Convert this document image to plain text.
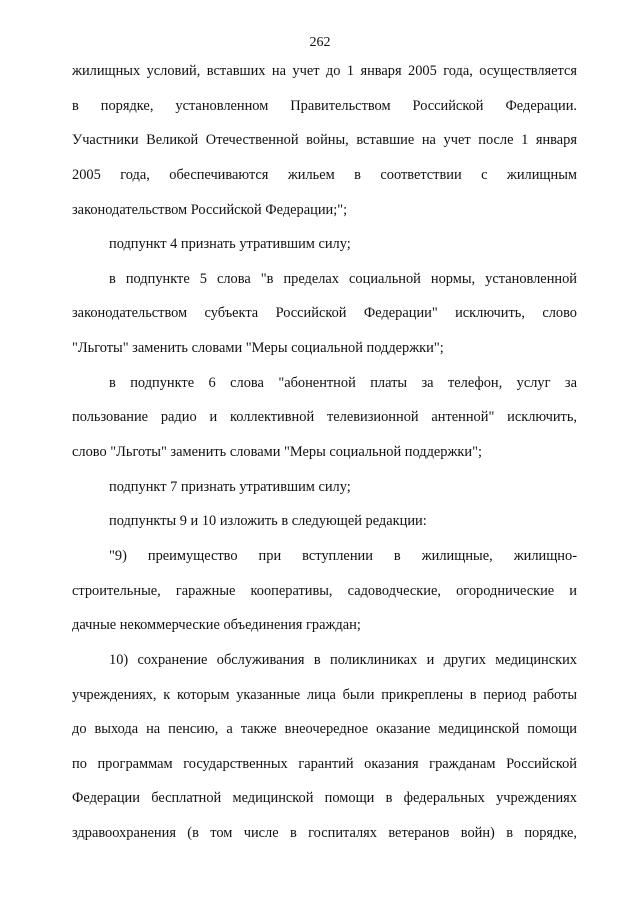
262
жилищных условий, вставших на учет до 1 января 2005 года, осуществляется
в порядке, установленном Правительством Российской Федерации.
Участники Великой Отечественной войны, вставшие на учет после 1 января
2005 года, обеспечиваются жильем в соответствии с жилищным
законодательством Российской Федерации;";
подпункт 4 признать утратившим силу;
в подпункте 5 слова "в пределах социальной нормы, установленной
законодательством субъекта Российской Федерации" исключить, слово
"Льготы" заменить словами "Меры социальной поддержки";
в подпункте 6 слова "абонентной платы за телефон, услуг за
пользование радио и коллективной телевизионной антенной" исключить,
слово "Льготы" заменить словами "Меры социальной поддержки";
подпункт 7 признать утратившим силу;
подпункты 9 и 10 изложить в следующей редакции:
"9) преимущество при вступлении в жилищные, жилищно-
строительные, гаражные кооперативы, садоводческие, огороднические и
дачные некоммерческие объединения граждан;
10) сохранение обслуживания в поликлиниках и других медицинских
учреждениях, к которым указанные лица были прикреплены в период работы
до выхода на пенсию, а также внеочередное оказание медицинской помощи
по программам государственных гарантий оказания гражданам Российской
Федерации бесплатной медицинской помощи в федеральных учреждениях
здравоохранения (в том числе в госпиталях ветеранов войн) в порядке,
